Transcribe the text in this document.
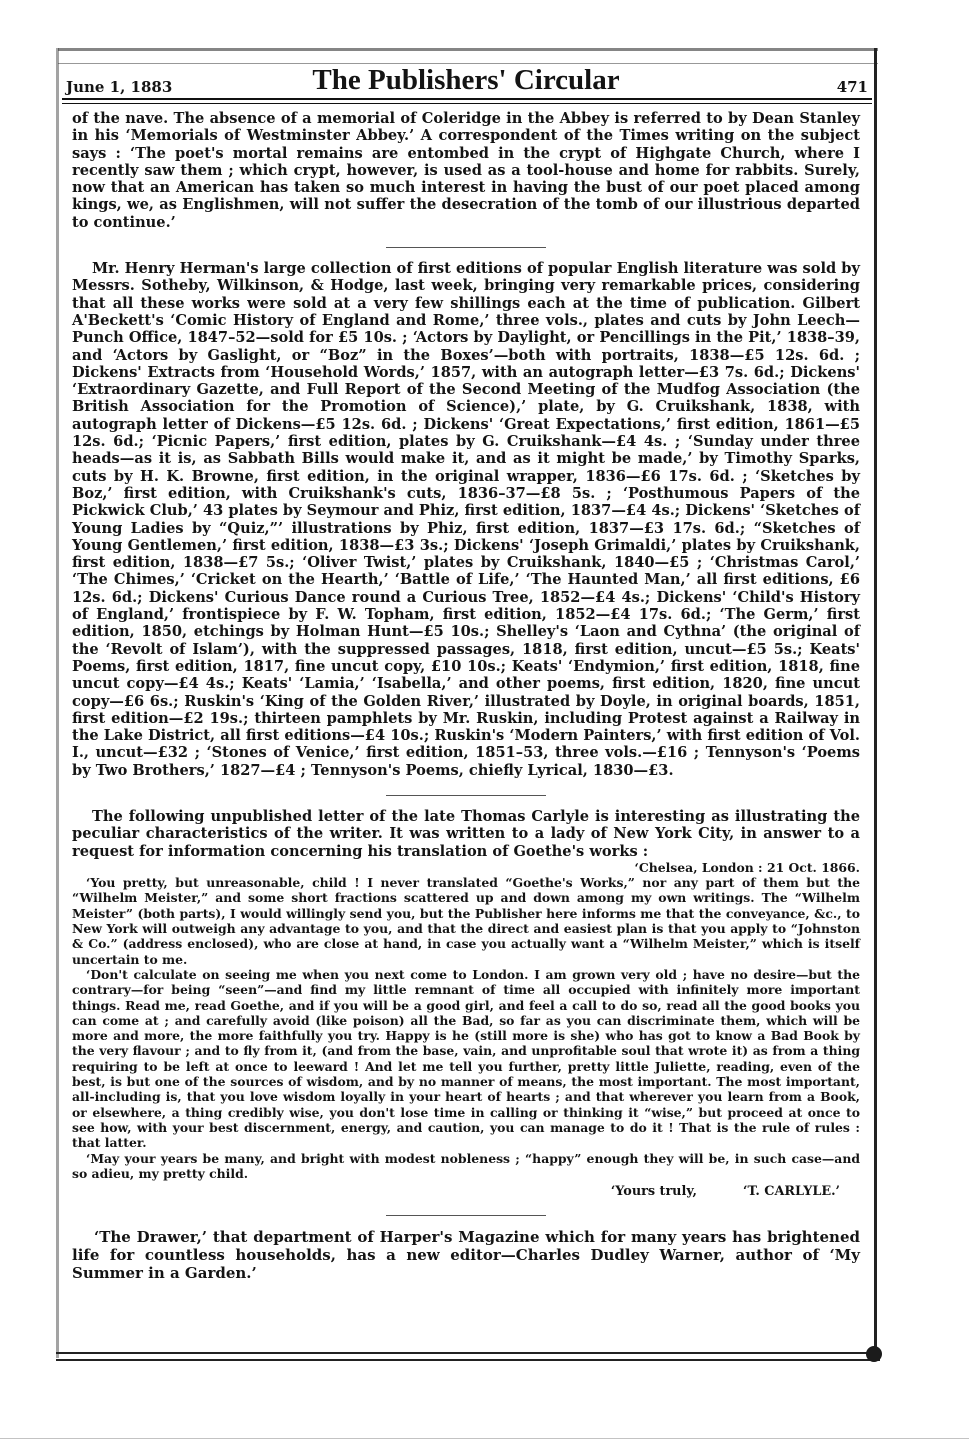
June 1, 1883	The Publishers' Circular	471

of the nave. The absence of a memorial of Coleridge in the Abbey is referred to by Dean Stanley in his ‘Memorials of Westminster Abbey.’ A correspondent of the Times writing on the subject says : ‘The poet's mortal remains are entombed in the crypt of Highgate Church, where I recently saw them ; which crypt, however, is used as a tool-house and home for rabbits. Surely, now that an American has taken so much interest in having the bust of our poet placed among kings, we, as Englishmen, will not suffer the desecration of the tomb of our illustrious departed to continue.’

Mr. Henry Herman's large collection of first editions of popular English literature was sold by Messrs. Sotheby, Wilkinson, & Hodge, last week, bringing very remarkable prices, considering that all these works were sold at a very few shillings each at the time of publication. Gilbert A'Beckett's ‘Comic History of England and Rome,’ three vols., plates and cuts by John Leech—Punch Office, 1847–52—sold for £5 10s. ; ‘Actors by Daylight, or Pencillings in the Pit,’ 1838–39, and ‘Actors by Gaslight, or “Boz” in the Boxes’—both with portraits, 1838—£5 12s. 6d. ; Dickens' Extracts from ‘Household Words,’ 1857, with an autograph letter—£3 7s. 6d.; Dickens' ‘Extraordinary Gazette, and Full Report of the Second Meeting of the Mudfog Association (the British Association for the Promotion of Science),’ plate, by G. Cruikshank, 1838, with autograph letter of Dickens—£5 12s. 6d. ; Dickens' ‘Great Expectations,’ first edition, 1861—£5 12s. 6d.; ‘Picnic Papers,’ first edition, plates by G. Cruikshank—£4 4s. ; ‘Sunday under three heads—as it is, as Sabbath Bills would make it, and as it might be made,’ by Timothy Sparks, cuts by H. K. Browne, first edition, in the original wrapper, 1836—£6 17s. 6d. ; ‘Sketches by Boz,’ first edition, with Cruikshank's cuts, 1836–37—£8 5s. ; ‘Posthumous Papers of the Pickwick Club,’ 43 plates by Seymour and Phiz, first edition, 1837—£4 4s.; Dickens' ‘Sketches of Young Ladies by “Quiz,”’ illustrations by Phiz, first edition, 1837—£3 17s. 6d.; “Sketches of Young Gentlemen,’ first edition, 1838—£3 3s.; Dickens' ‘Joseph Grimaldi,’ plates by Cruikshank, first edition, 1838—£7 5s.; ‘Oliver Twist,’ plates by Cruikshank, 1840—£5 ; ‘Christmas Carol,’ ‘The Chimes,’ ‘Cricket on the Hearth,’ ‘Battle of Life,’ ‘The Haunted Man,’ all first editions, £6 12s. 6d.; Dickens' Curious Dance round a Curious Tree, 1852—£4 4s.; Dickens' ‘Child's History of England,’ frontispiece by F. W. Topham, first edition, 1852—£4 17s. 6d.; ‘The Germ,’ first edition, 1850, etchings by Holman Hunt—£5 10s.; Shelley's ‘Laon and Cythna’ (the original of the ‘Revolt of Islam’), with the suppressed passages, 1818, first edition, uncut—£5 5s.; Keats' Poems, first edition, 1817, fine uncut copy, £10 10s.; Keats' ‘Endymion,’ first edition, 1818, fine uncut copy—£4 4s.; Keats' ‘Lamia,’ ‘Isabella,’ and other poems, first edition, 1820, fine uncut copy—£6 6s.; Ruskin's ‘King of the Golden River,’ illustrated by Doyle, in original boards, 1851, first edition—£2 19s.; thirteen pamphlets by Mr. Ruskin, including Protest against a Railway in the Lake District, all first editions—£4 10s.; Ruskin's ‘Modern Painters,’ with first edition of Vol. I., uncut—£32 ; ‘Stones of Venice,’ first edition, 1851–53, three vols.—£16 ; Tennyson's ‘Poems by Two Brothers,’ 1827—£4 ; Tennyson's Poems, chiefly Lyrical, 1830—£3.

The following unpublished letter of the late Thomas Carlyle is interesting as illustrating the peculiar characteristics of the writer. It was written to a lady of New York City, in answer to a request for information concerning his translation of Goethe's works :

‘Chelsea, London : 21 Oct. 1866.

‘You pretty, but unreasonable, child ! I never translated “Goethe's Works,” nor any part of them but the “Wilhelm Meister,” and some short fractions scattered up and down among my own writings. The “Wilhelm Meister” (both parts), I would willingly send you, but the Publisher here informs me that the conveyance, &c., to New York will outweigh any advantage to you, and that the direct and easiest plan is that you apply to “Johnston & Co.” (address enclosed), who are close at hand, in case you actually want a “Wilhelm Meister,” which is itself uncertain to me.

‘Don't calculate on seeing me when you next come to London. I am grown very old ; have no desire—but the contrary—for being “seen”—and find my little remnant of time all occupied with infinitely more important things. Read me, read Goethe, and if you will be a good girl, and feel a call to do so, read all the good books you can come at ; and carefully avoid (like poison) all the Bad, so far as you can discriminate them, which will be more and more, the more faithfully you try. Happy is he (still more is she) who has got to know a Bad Book by the very flavour ; and to fly from it, (and from the base, vain, and unprofitable soul that wrote it) as from a thing requiring to be left at once to leeward ! And let me tell you further, pretty little Juliette, reading, even of the best, is but one of the sources of wisdom, and by no manner of means, the most important. The most important, all-including is, that you love wisdom loyally in your heart of hearts ; and that wherever you learn from a Book, or elsewhere, a thing credibly wise, you don't lose time in calling or thinking it “wise,” but proceed at once to see how, with your best discernment, energy, and caution, you can manage to do it ! That is the rule of rules : that latter.

‘May your years be many, and bright with modest nobleness ; “happy” enough they will be, in such case—and so adieu, my pretty child.

‘Yours truly,	‘T. CARLYLE.’

‘The Drawer,’ that department of Harper's Magazine which for many years has brightened life for countless households, has a new editor—Charles Dudley Warner, author of ‘My Summer in a Garden.’
